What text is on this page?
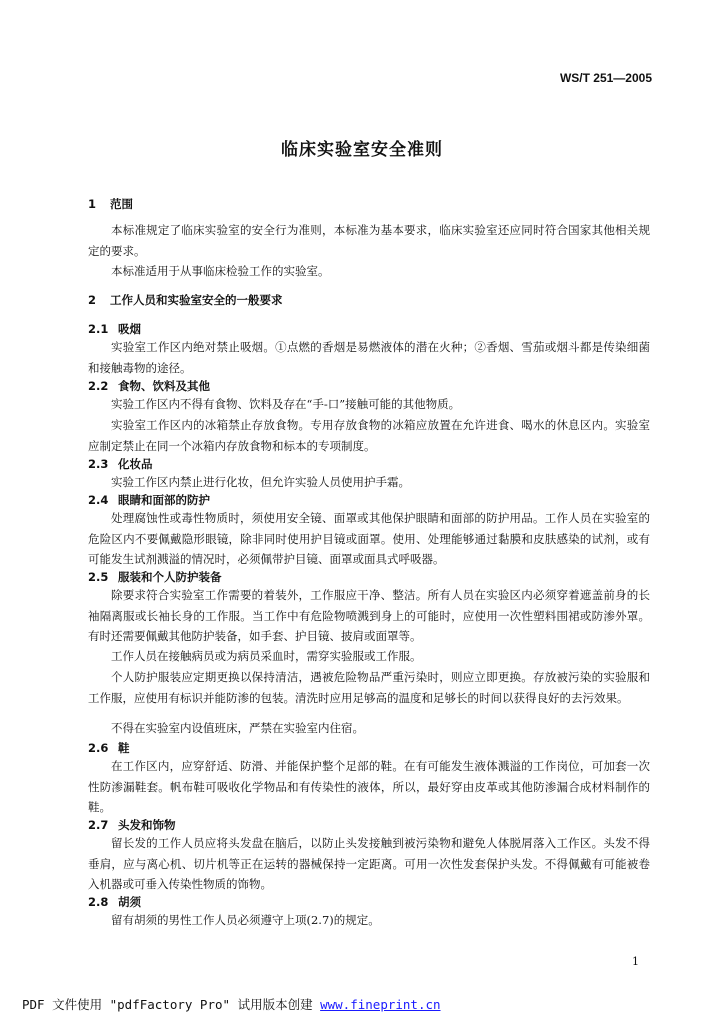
WS/T 251—2005
临床实验室安全准则
1 范围
本标准规定了临床实验室的安全行为准则，本标准为基本要求，临床实验室还应同时符合国家其他相关规定的要求。
本标准适用于从事临床检验工作的实验室。
2 工作人员和实验室安全的一般要求
2.1 吸烟
实验室工作区内绝对禁止吸烟。①点燃的香烟是易燃液体的潜在火种；②香烟、雪茄或烟斗都是传染细菌和接触毒物的途径。
2.2 食物、饮料及其他
实验工作区内不得有食物、饮料及存在“手-口”接触可能的其他物质。
实验室工作区内的冰箱禁止存放食物。专用存放食物的冰箱应放置在允许进食、喝水的休息区内。实验室应制定禁止在同一个冰箱内存放食物和标本的专项制度。
2.3 化妆品
实验工作区内禁止进行化妆，但允许实验人员使用护手霜。
2.4 眼睛和面部的防护
处理腐蚀性或毒性物质时，须使用安全镜、面罩或其他保护眼睛和面部的防护用品。工作人员在实验室的危险区内不要佩戴隐形眼镜，除非同时使用护目镜或面罩。使用、处理能够通过黏膜和皮肤感染的试剂，或有可能发生试剂溅溢的情况时，必须佩带护目镜、面罩或面具式呼吸器。
2.5 服装和个人防护装备
除要求符合实验室工作需要的着装外，工作服应干净、整洁。所有人员在实验区内必须穿着遮盖前身的长袖隔离服或长袖长身的工作服。当工作中有危险物喷溅到身上的可能时，应使用一次性塑料围裙或防渗外罩。有时还需要佩戴其他防护装备，如手套、护目镜、披肩或面罩等。
工作人员在接触病员或为病员采血时，需穿实验服或工作服。
个人防护服装应定期更换以保持清洁，遇被危险物品严重污染时，则应立即更换。存放被污染的实验服和工作服，应使用有标识并能防渗的包装。清洗时应用足够高的温度和足够长的时间以获得良好的去污效果。
不得在实验室内设值班床，严禁在实验室内住宿。
2.6 鞋
在工作区内，应穿舒适、防滑、并能保护整个足部的鞋。在有可能发生液体溅溢的工作岗位，可加套一次性防渗漏鞋套。帆布鞋可吸收化学物品和有传染性的液体，所以，最好穿由皮革或其他防渗漏合成材料制作的鞋。
2.7 头发和饰物
留长发的工作人员应将头发盘在脑后，以防止头发接触到被污染物和避免人体脱屑落入工作区。头发不得垂肩，应与离心机、切片机等正在运转的器械保持一定距离。可用一次性发套保护头发。不得佩戴有可能被卷入机器或可垂入传染性物质的饰物。
2.8 胡须
留有胡须的男性工作人员必须遵守上项(2.7)的规定。
1
PDF 文件使用 "pdfFactory Pro" 试用版本创建 www.fineprint.cn
